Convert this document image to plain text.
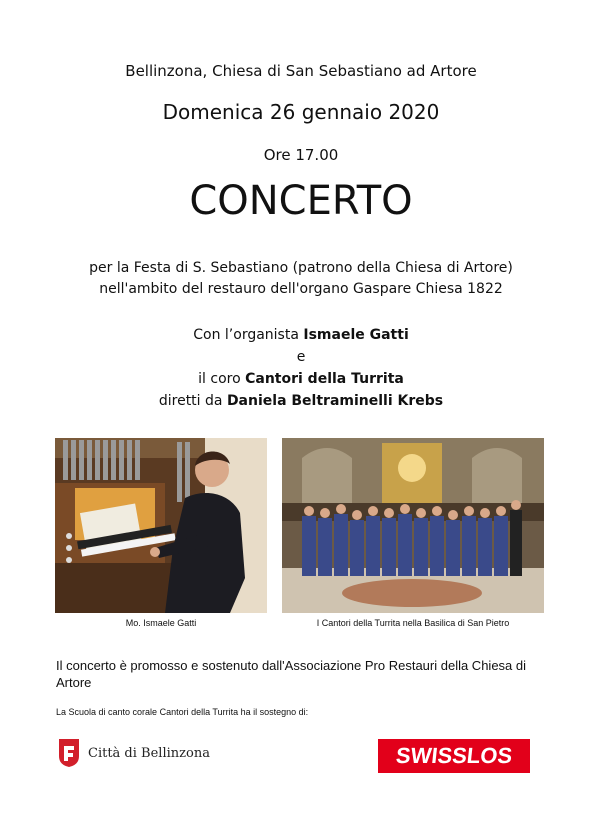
Bellinzona, Chiesa di San Sebastiano ad Artore
Domenica 26 gennaio 2020
Ore 17.00
CONCERTO
per la Festa di S. Sebastiano (patrono della Chiesa di Artore)
nell'ambito del restauro dell'organo Gaspare Chiesa 1822
Con l’organista Ismaele Gatti
e
il coro Cantori della Turrita
diretti da Daniela Beltraminelli Krebs
Mo. Ismaele Gatti	I Cantori della Turrita nella Basilica di San Pietro
Il concerto è promosso e sostenuto dall'Associazione Pro Restauri della Chiesa di Artore
La Scuola di canto corale Cantori della Turrita ha il sostegno di:
Città di Bellinzona	SWISSLOS
